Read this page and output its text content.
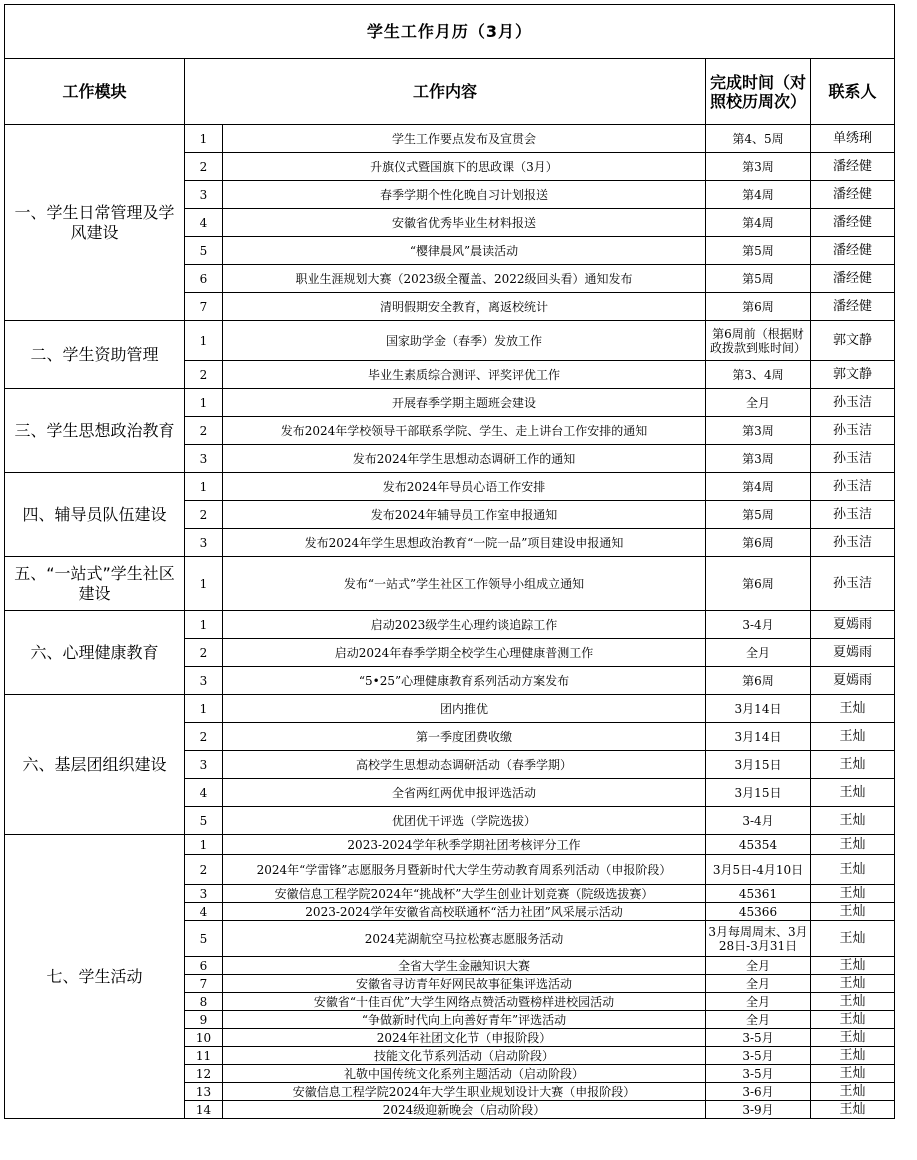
学生工作月历（3月）				
工作模块	工作内容		完成时间（对照校历周次）	联系人
一、学生日常管理及学风建设	1	学生工作要点发布及宣贯会	第4、5周	单绣琍
	2	升旗仪式暨国旗下的思政课（3月）	第3周	潘经健
	3	春季学期个性化晚自习计划报送	第4周	潘经健
	4	安徽省优秀毕业生材料报送	第4周	潘经健
	5	“樱律晨风”晨读活动	第5周	潘经健
	6	职业生涯规划大赛（2023级全覆盖、2022级回头看）通知发布	第5周	潘经健
	7	清明假期安全教育，离返校统计	第6周	潘经健
二、学生资助管理	1	国家助学金（春季）发放工作	第6周前（根据财政拨款到账时间）	郭文静
	2	毕业生素质综合测评、评奖评优工作	第3、4周	郭文静
三、学生思想政治教育	1	开展春季学期主题班会建设	全月	孙玉洁
	2	发布2024年学校领导干部联系学院、学生、走上讲台工作安排的通知	第3周	孙玉洁
	3	发布2024年学生思想动态调研工作的通知	第3周	孙玉洁
四、辅导员队伍建设	1	发布2024年导员心语工作安排	第4周	孙玉洁
	2	发布2024年辅导员工作室申报通知	第5周	孙玉洁
	3	发布2024年学生思想政治教育“一院一品”项目建设申报通知	第6周	孙玉洁
五、“一站式”学生社区建设	1	发布“一站式”学生社区工作领导小组成立通知	第6周	孙玉洁
六、心理健康教育	1	启动2023级学生心理约谈追踪工作	3-4月	夏嫣雨
	2	启动2024年春季学期全校学生心理健康普测工作	全月	夏嫣雨
	3	“5•25”心理健康教育系列活动方案发布	第6周	夏嫣雨
六、基层团组织建设	1	团内推优	3月14日	王灿
	2	第一季度团费收缴	3月14日	王灿
	3	高校学生思想动态调研活动（春季学期）	3月15日	王灿
	4	全省两红两优申报评选活动	3月15日	王灿
	5	优团优干评选（学院选拔）	3-4月	王灿
七、学生活动	1	2023-2024学年秋季学期社团考核评分工作	45354	王灿
	2	2024年“学雷锋”志愿服务月暨新时代大学生劳动教育周系列活动（申报阶段）	3月5日-4月10日	王灿
	3	安徽信息工程学院2024年“挑战杯”大学生创业计划竞赛（院级选拔赛）	45361	王灿
	4	2023-2024学年安徽省高校联通杯“活力社团”风采展示活动	45366	王灿
	5	2024芜湖航空马拉松赛志愿服务活动	3月每周周末、3月28日-3月31日	王灿
	6	全省大学生金融知识大赛	全月	王灿
	7	安徽省寻访青年好网民故事征集评选活动	全月	王灿
	8	安徽省“十佳百优”大学生网络点赞活动暨榜样进校园活动	全月	王灿
	9	“争做新时代向上向善好青年”评选活动	全月	王灿
	10	2024年社团文化节（申报阶段）	3-5月	王灿
	11	技能文化节系列活动（启动阶段）	3-5月	王灿
	12	礼敬中国传统文化系列主题活动（启动阶段）	3-5月	王灿
	13	安徽信息工程学院2024年大学生职业规划设计大赛（申报阶段）	3-6月	王灿
	14	2024级迎新晚会（启动阶段）	3-9月	王灿
